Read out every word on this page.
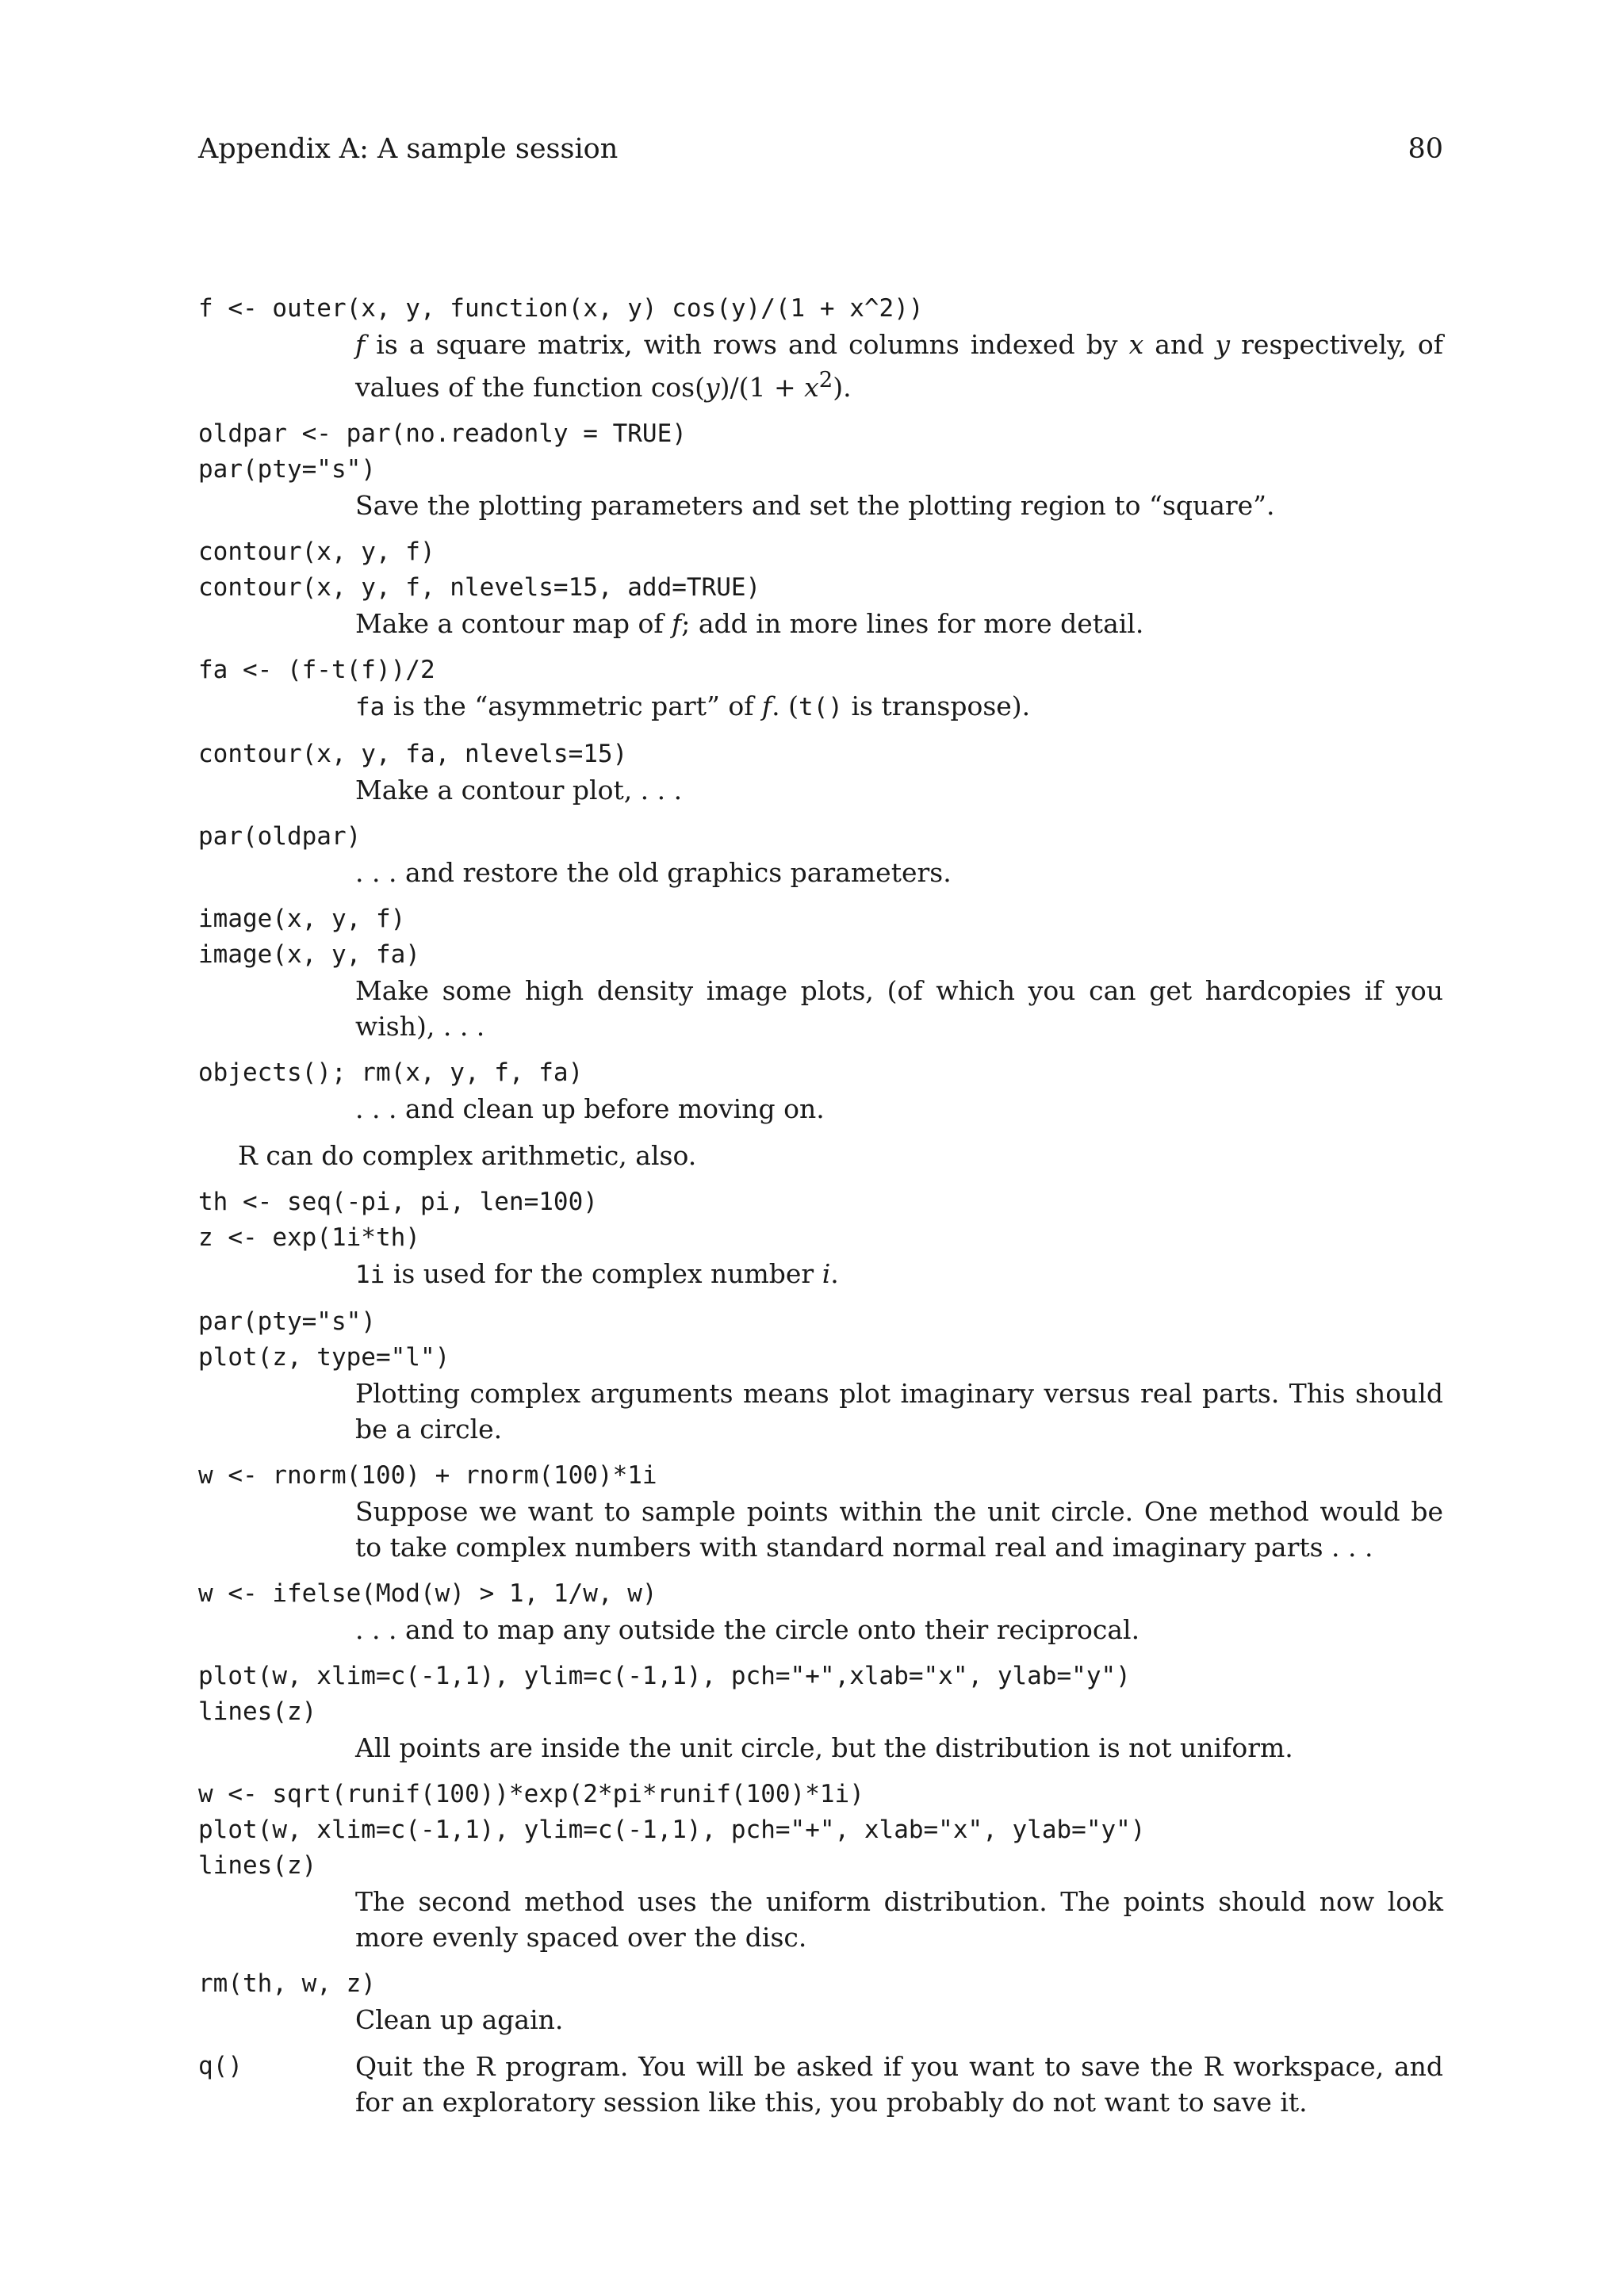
Appendix A: A sample session	80
f <- outer(x, y, function(x, y) cos(y)/(1 + x^2))
f is a square matrix, with rows and columns indexed by x and y respectively, of values of the function $\cos(y)/(1 + x^2)$.
oldpar <- par(no.readonly = TRUE)
par(pty="s")
Save the plotting parameters and set the plotting region to “square”.
contour(x, y, f)
contour(x, y, f, nlevels=15, add=TRUE)
Make a contour map of f; add in more lines for more detail.
fa <- (f-t(f))/2
fa is the “asymmetric part” of f. (t() is transpose).
contour(x, y, fa, nlevels=15)
Make a contour plot, . . .
par(oldpar)
. . . and restore the old graphics parameters.
image(x, y, f)
image(x, y, fa)
Make some high density image plots, (of which you can get hardcopies if you wish), . . .
objects(); rm(x, y, f, fa)
. . . and clean up before moving on.
R can do complex arithmetic, also.
th <- seq(-pi, pi, len=100)
z <- exp(1i*th)
1i is used for the complex number i.
par(pty="s")
plot(z, type="l")
Plotting complex arguments means plot imaginary versus real parts. This should be a circle.
w <- rnorm(100) + rnorm(100)*1i
Suppose we want to sample points within the unit circle. One method would be to take complex numbers with standard normal real and imaginary parts . . .
w <- ifelse(Mod(w) > 1, 1/w, w)
. . . and to map any outside the circle onto their reciprocal.
plot(w, xlim=c(-1,1), ylim=c(-1,1), pch="+",xlab="x", ylab="y")
lines(z)
All points are inside the unit circle, but the distribution is not uniform.
w <- sqrt(runif(100))*exp(2*pi*runif(100)*1i)
plot(w, xlim=c(-1,1), ylim=c(-1,1), pch="+", xlab="x", ylab="y")
lines(z)
The second method uses the uniform distribution. The points should now look more evenly spaced over the disc.
rm(th, w, z)
Clean up again.
q()	Quit the R program. You will be asked if you want to save the R workspace, and for an exploratory session like this, you probably do not want to save it.
